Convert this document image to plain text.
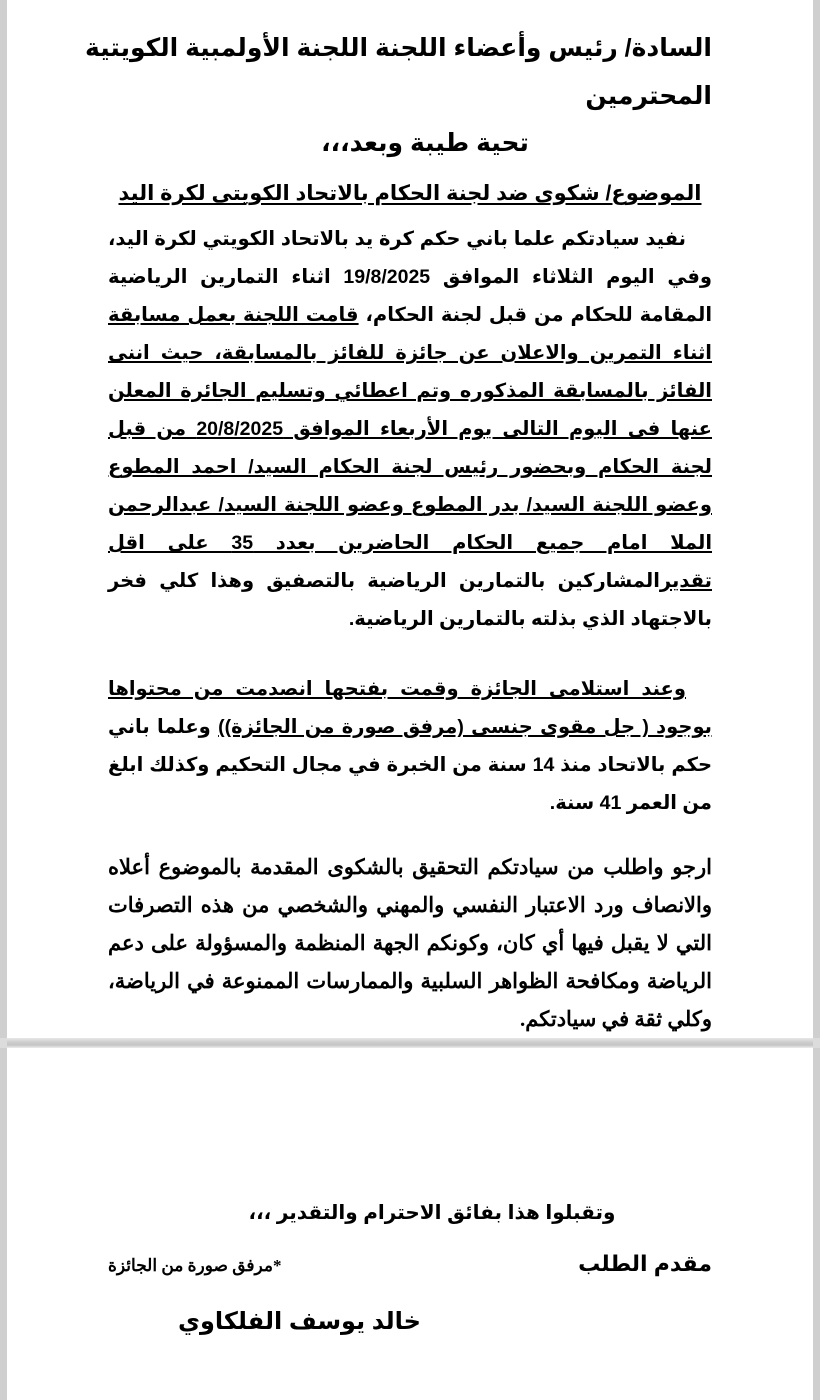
السادة/ رئيس وأعضاء اللجنة اللجنة الأولمبية الكويتية
المحترمين
تحية طيبة وبعد،،،
الموضوع/ شكوى ضد لجنة الحكام بالاتحاد الكويتى لكرة اليد

نفيد سيادتكم علما باني حكم كرة يد بالاتحاد الكويتي لكرة اليد، وفي اليوم الثلاثاء الموافق 19/8/2025 اثناء التمارين الرياضية المقامة للحكام من قبل لجنة الحكام، قامت اللجنة بعمل مسابقة اثناء التمرين والاعلان عن جائزة للفائز بالمسابقة، حيث اننى الفائز بالمسابقة المذكوره وتم اعطائي وتسليم الجائرة المعلن عنها فى اليوم التالى يوم الأربعاء الموافق 20/8/2025 من قبل لجنة الحكام وبحضور رئيس لجنة الحكام السيد/ احمد المطوع وعضو اللجنة السيد/ بدر المطوع وعضو اللجنة السيد/ عبدالرحمن الملا امام جميع الحكام الحاضرين بعدد 35 على اقل تقديرالمشاركين بالتمارين الرياضية بالتصفيق وهذا كلي فخر بالاجتهاد الذي بذلته بالتمارين الرياضية.

وعند استلامى الجائزة وقمت بفتحها انصدمت من محتواها بوجود ( جل مقوى جنسى (مرفق صورة من الجائزة)) وعلما باني حكم بالاتحاد منذ 14 سنة من الخبرة في مجال التحكيم وكذلك ابلغ من العمر 41 سنة.

ارجو واطلب من سيادتكم التحقيق بالشكوى المقدمة بالموضوع أعلاه والانصاف ورد الاعتبار النفسي والمهني والشخصي من هذه التصرفات التي لا يقبل فيها أي كان، وكونكم الجهة المنظمة والمسؤولة على دعم الرياضة ومكافحة الظواهر السلبية والممارسات الممنوعة في الرياضة، وكلي ثقة في سيادتكم.

وتقبلوا هذا بفائق الاحترام والتقدير ،،،
مقدم الطلب
*مرفق صورة من الجائزة
خالد يوسف الفلكاوي
